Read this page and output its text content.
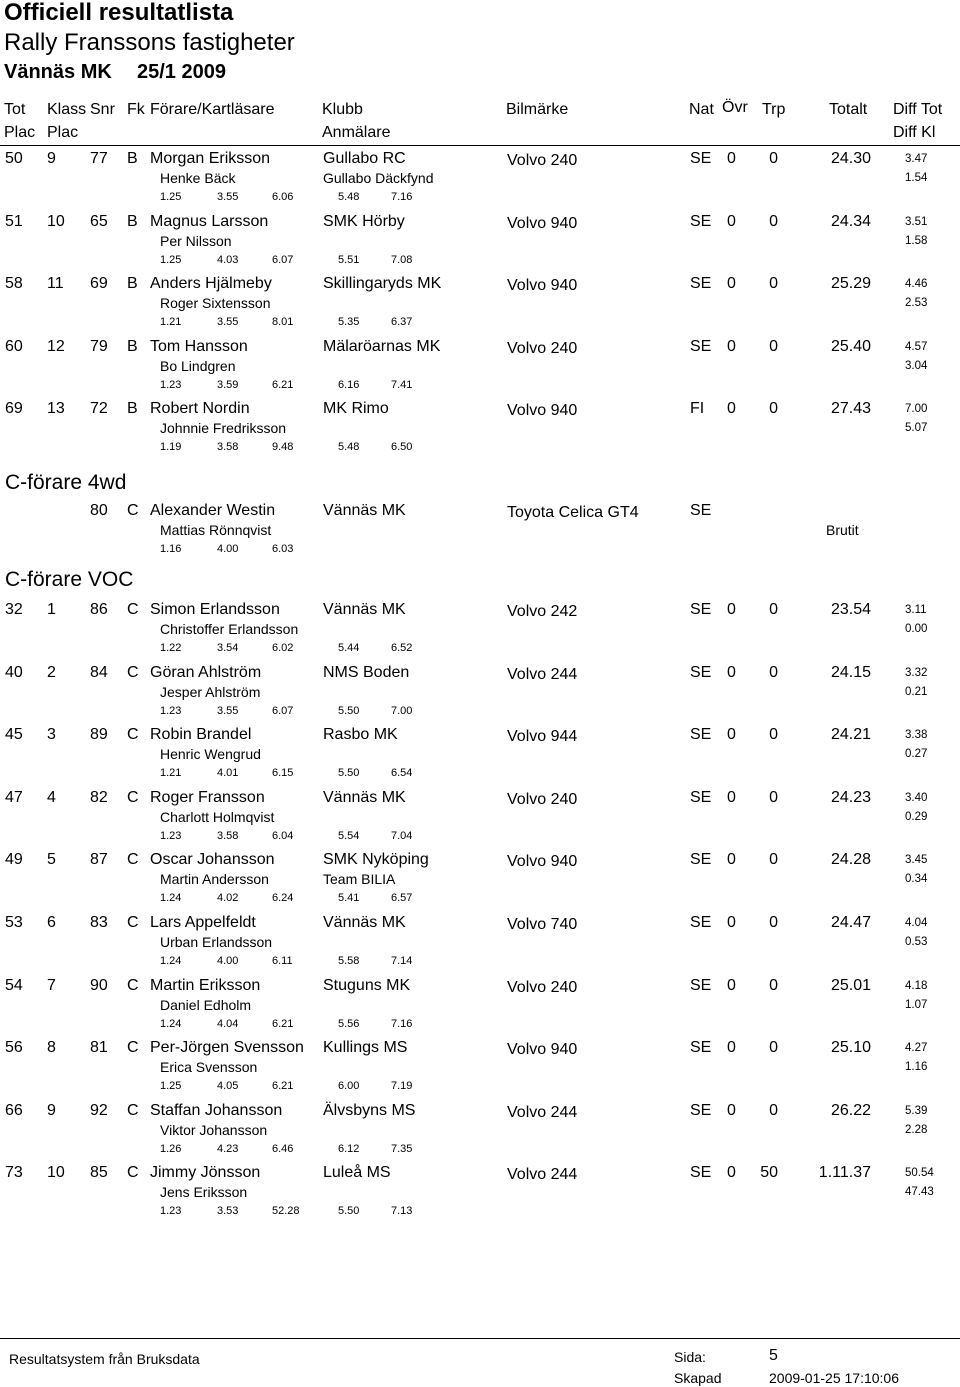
Officiell resultatlista
Rally Franssons fastigheter
Vännäs MK 25/1 2009
Tot Klass Snr Fk Förare/Kartläsare	Klubb	Bilmärke	Nat Övr Trp	Totalt Diff Tot
Plac Plac	Anmälare	Diff Kl
50 9 77 B Morgan Eriksson	Gullabo RC	Volvo 240	SE 0 0	24.30	3.47
Henke Bäck	Gullabo Däckfynd	1.54
1.25	3.55	6.06	5.48	7.16
51 10 65 B Magnus Larsson	SMK Hörby	Volvo 940	SE 0 0	24.34	3.51
Per Nilsson	1.58
1.25	4.03	6.07	5.51	7.08
58 11 69 B Anders Hjälmeby	Skillingaryds MK	Volvo 940	SE 0 0	25.29	4.46
Roger Sixtensson	2.53
1.21	3.55	8.01	5.35	6.37
60 12 79 B Tom Hansson	Mälaröarnas MK	Volvo 240	SE 0 0	25.40	4.57
Bo Lindgren	3.04
1.23	3.59	6.21	6.16	7.41
69 13 72 B Robert Nordin	MK Rimo	Volvo 940	FI 0 0	27.43	7.00
Johnnie Fredriksson	5.07
1.19	3.58	9.48	5.48	6.50
C-förare 4wd
80 C Alexander Westin	Vännäs MK	Toyota Celica GT4	SE
Mattias Rönnqvist	Brutit
1.16	4.00	6.03
C-förare VOC
32 1 86 C Simon Erlandsson	Vännäs MK	Volvo 242	SE 0 0	23.54	3.11
Christoffer Erlandsson	0.00
1.22	3.54	6.02	5.44	6.52
40 2 84 C Göran Ahlström	NMS Boden	Volvo 244	SE 0 0	24.15	3.32
Jesper Ahlström	0.21
1.23	3.55	6.07	5.50	7.00
45 3 89 C Robin Brandel	Rasbo MK	Volvo 944	SE 0 0	24.21	3.38
Henric Wengrud	0.27
1.21	4.01	6.15	5.50	6.54
47 4 82 C Roger Fransson	Vännäs MK	Volvo 240	SE 0 0	24.23	3.40
Charlott Holmqvist	0.29
1.23	3.58	6.04	5.54	7.04
49 5 87 C Oscar Johansson	SMK Nyköping	Volvo 940	SE 0 0	24.28	3.45
Martin Andersson	Team BILIA	0.34
1.24	4.02	6.24	5.41	6.57
53 6 83 C Lars Appelfeldt	Vännäs MK	Volvo 740	SE 0 0	24.47	4.04
Urban Erlandsson	0.53
1.24	4.00	6.11	5.58	7.14
54 7 90 C Martin Eriksson	Stuguns MK	Volvo 240	SE 0 0	25.01	4.18
Daniel Edholm	1.07
1.24	4.04	6.21	5.56	7.16
56 8 81 C Per-Jörgen Svensson Kullings MS	Volvo 940	SE 0 0	25.10	4.27
Erica Svensson	1.16
1.25	4.05	6.21	6.00	7.19
66 9 92 C Staffan Johansson	Älvsbyns MS	Volvo 244	SE 0 0	26.22	5.39
Viktor Johansson	2.28
1.26	4.23	6.46	6.12	7.35
73 10 85 C Jimmy Jönsson	Luleå MS	Volvo 244	SE 0 50	1.11.37	50.54
Jens Eriksson	47.43
1.23	3.53	52.28	5.50	7.13
Resultatsystem från Bruksdata	Sida:	5
Skapad	2009-01-25 17:10:06
